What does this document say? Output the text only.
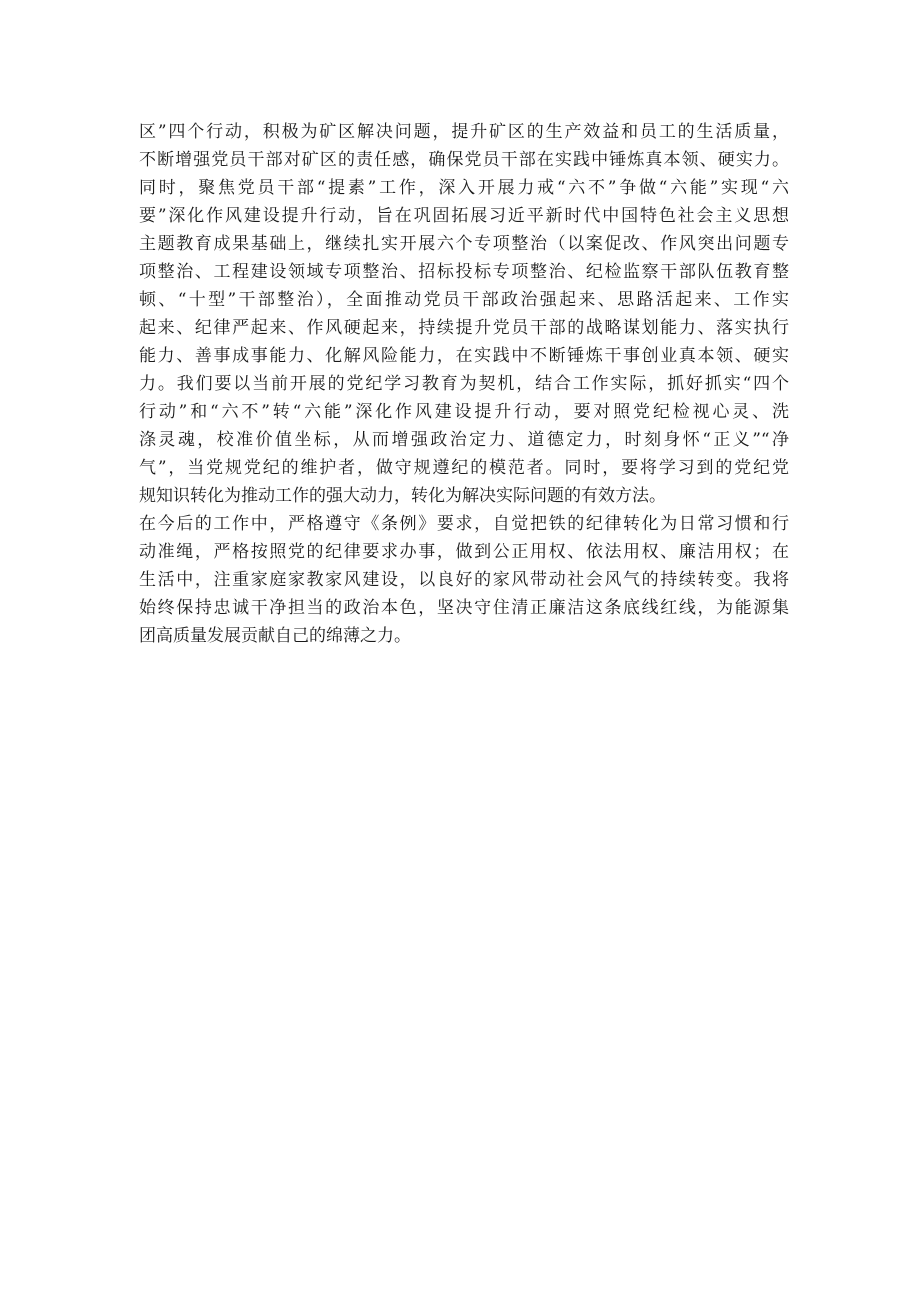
区”四个行动，积极为矿区解决问题，提升矿区的生产效益和员工的生活质量，
不断增强党员干部对矿区的责任感，确保党员干部在实践中锤炼真本领、硬实力。
同时，聚焦党员干部“提素”工作，深入开展力戒“六不”争做“六能”实现“六
要”深化作风建设提升行动，旨在巩固拓展习近平新时代中国特色社会主义思想
主题教育成果基础上，继续扎实开展六个专项整治（以案促改、作风突出问题专
项整治、工程建设领域专项整治、招标投标专项整治、纪检监察干部队伍教育整
顿、“十型”干部整治），全面推动党员干部政治强起来、思路活起来、工作实
起来、纪律严起来、作风硬起来，持续提升党员干部的战略谋划能力、落实执行
能力、善事成事能力、化解风险能力，在实践中不断锤炼干事创业真本领、硬实
力。我们要以当前开展的党纪学习教育为契机，结合工作实际，抓好抓实“四个
行动”和“六不”转“六能”深化作风建设提升行动，要对照党纪检视心灵、洗
涤灵魂，校准价值坐标，从而增强政治定力、道德定力，时刻身怀“正义”“净
气”，当党规党纪的维护者，做守规遵纪的模范者。同时，要将学习到的党纪党
规知识转化为推动工作的强大动力，转化为解决实际问题的有效方法。
在今后的工作中，严格遵守《条例》要求，自觉把铁的纪律转化为日常习惯和行
动准绳，严格按照党的纪律要求办事，做到公正用权、依法用权、廉洁用权；在
生活中，注重家庭家教家风建设，以良好的家风带动社会风气的持续转变。我将
始终保持忠诚干净担当的政治本色，坚决守住清正廉洁这条底线红线，为能源集
团高质量发展贡献自己的绵薄之力。
